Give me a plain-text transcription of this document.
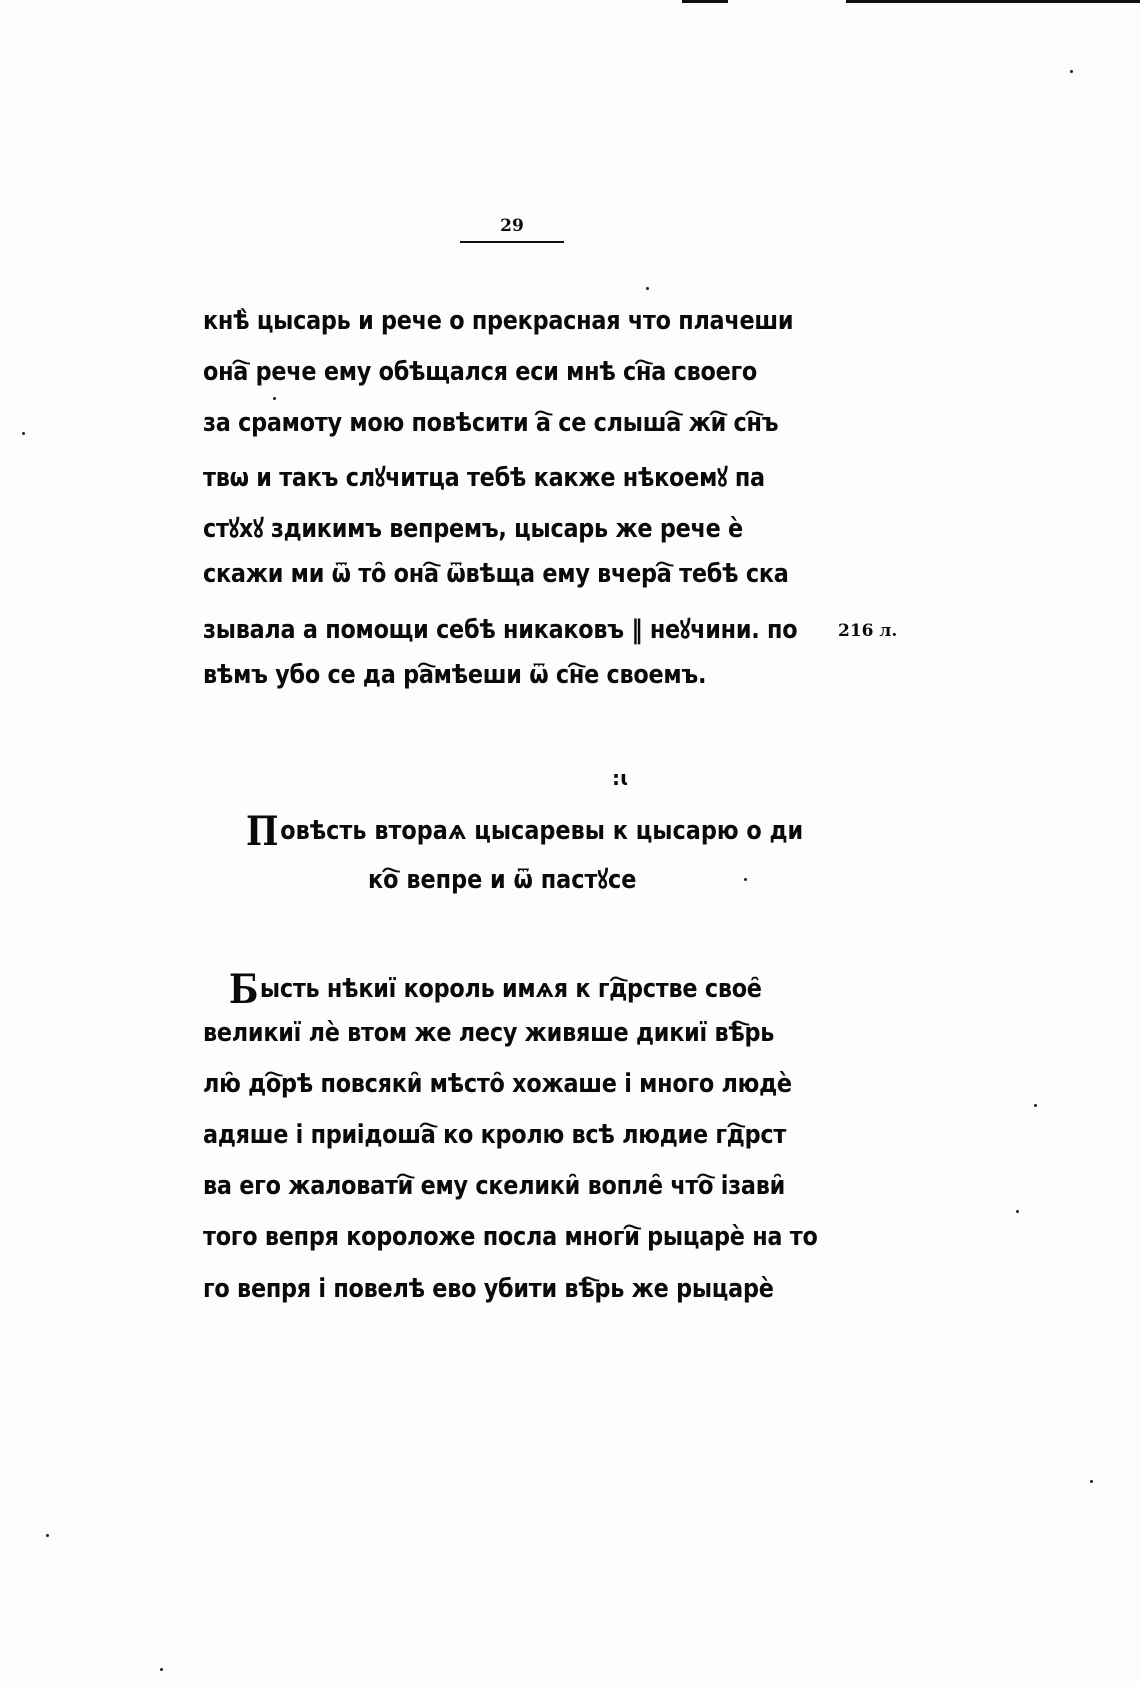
29
кнѣ̀ цысарь и рече о прекрасная что плачеши
она҇ рече ему обѣщался еси мнѣ сн҇а своего
за срамоту мою повѣсити а҇ се слыша҇ жи҇ сн҇ъ
твѡ и такъ слꙋчитца тебѣ какже нѣкоемꙋ па
стꙋхꙋ здикимъ вепремъ, цысарь же рече ѐ
скажи ми ѿ то̑ она҇ ѿвѣща ему вчера҇ тебѣ ска
зывала а помощи себѣ никаковъ ‖ неꙋчини. по
вѣмъ убо се да ра҇мѣеши ѿ сн҇е своемъ.
216 л.
:ꙇ
Повѣсть втораѧ цысаревы к цысарю о ди
ко҇ вепре и ѿ пастꙋсе
Бысть нѣкиї король имѧя к гд҇рстве свое̑
великиї лѐ втом же лесу живяше дикиї вѣ҇рь
лю̑ до҇рѣ повсяки̑ мѣсто̑ хожаше і много людѐ
адяше і приідоша҇ ко кролю всѣ людие гд҇рст
ва его жаловати҇ ему скелики̑ вопле̑ что҇ ізави̑
того вепря короложе посла многи҇ рыцарѐ на то
го вепря і повелѣ ево убити вѣ҇рь же рыцарѐ
